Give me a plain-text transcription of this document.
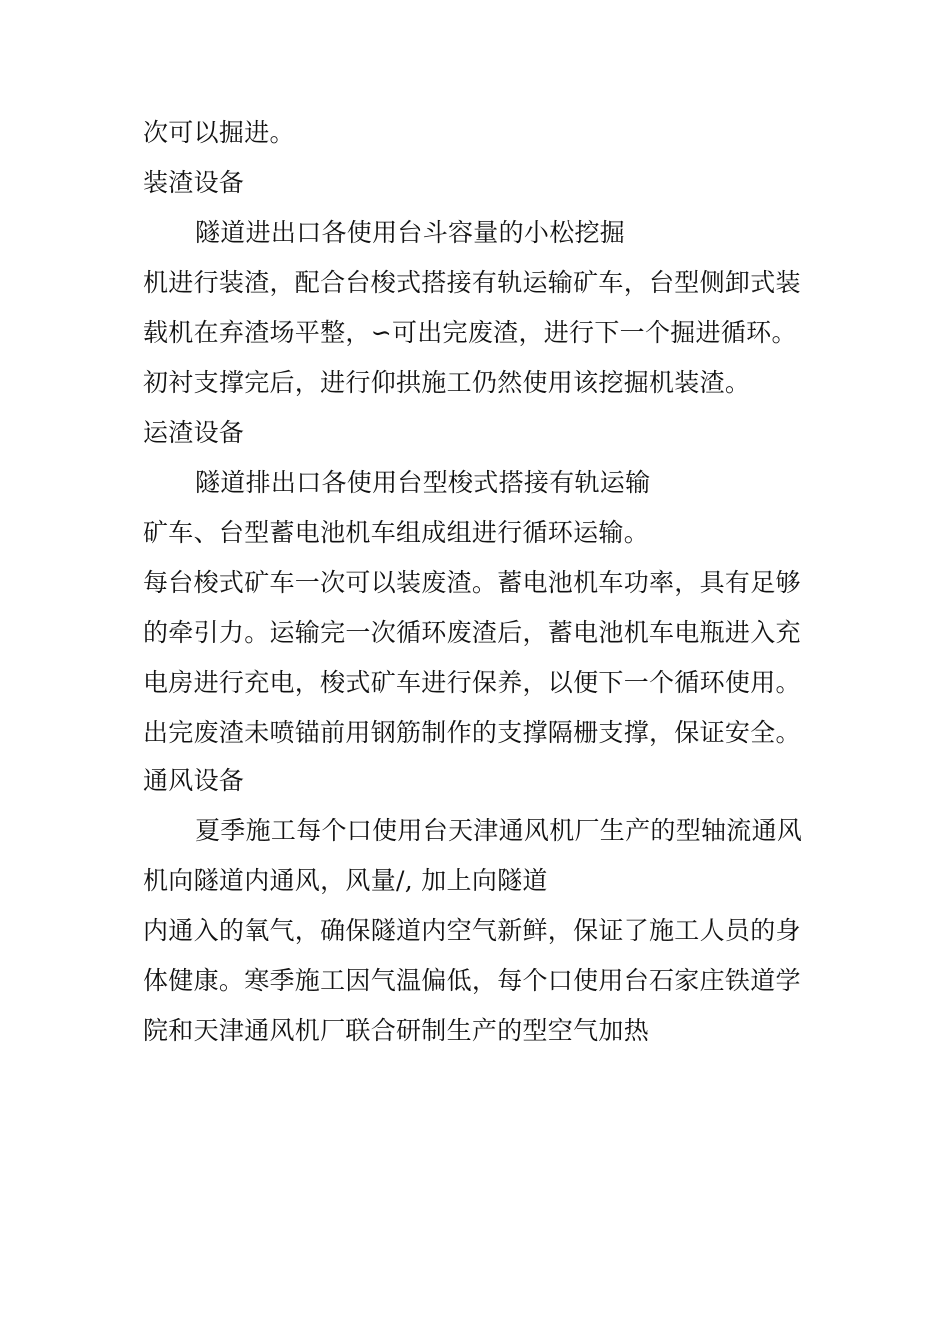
次可以掘进。
装渣设备
隧道进出口各使用台斗容量的小松挖掘
机进行装渣，配合台梭式搭接有轨运输矿车，台型侧卸式装
载机在弃渣场平整，∽可出完废渣，进行下一个掘进循环。
初衬支撑完后，进行仰拱施工仍然使用该挖掘机装渣。
运渣设备
隧道排出口各使用台型梭式搭接有轨运输
矿车、台型蓄电池机车组成组进行循环运输。
每台梭式矿车一次可以装废渣。蓄电池机车功率，具有足够
的牵引力。运输完一次循环废渣后，蓄电池机车电瓶进入充
电房进行充电，梭式矿车进行保养，以便下一个循环使用。
出完废渣未喷锚前用钢筋制作的支撑隔栅支撑，保证安全。
通风设备
夏季施工每个口使用台天津通风机厂生产的型轴流通风
机向隧道内通风，风量/, 加上向隧道
内通入的氧气，确保隧道内空气新鲜，保证了施工人员的身
体健康。寒季施工因气温偏低，每个口使用台石家庄铁道学
院和天津通风机厂联合研制生产的型空气加热
